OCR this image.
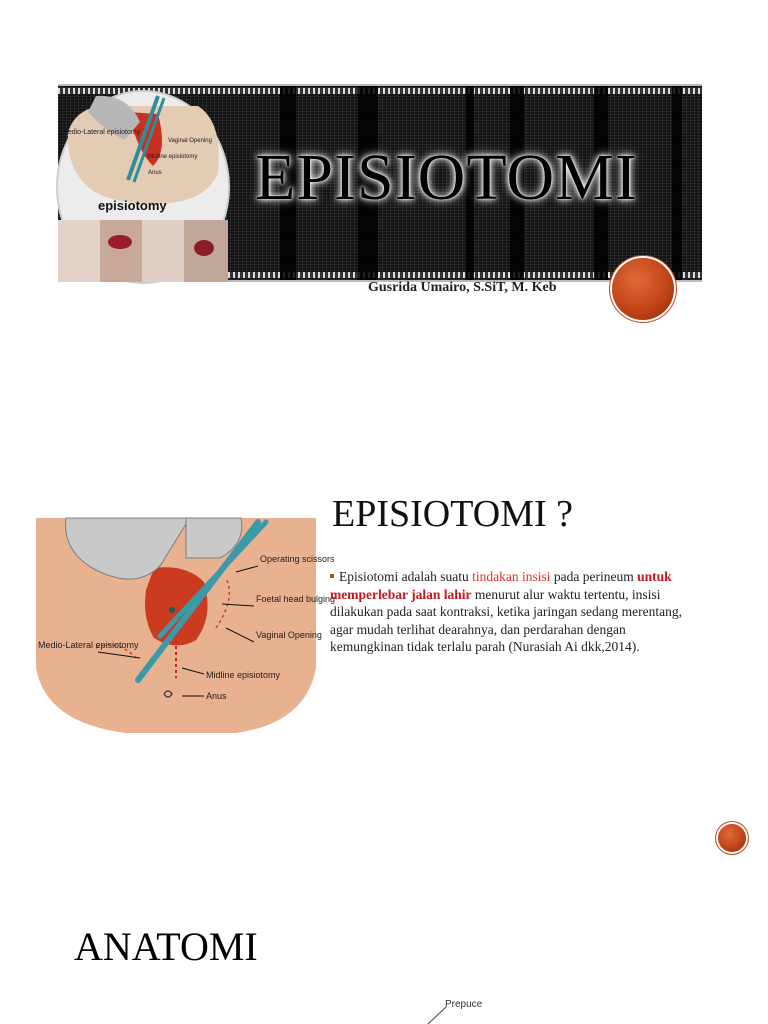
Medio-Lateral episiotomy
Vaginal Opening
Midline episiotomy
Anus
episiotomy EPISIOTOMI
Gusrida Umairo, S.SiT, M. Keb
Operating scissors
Foetal head bulging
Vaginal Opening
Medio-Lateral episiotomy
Midline episiotomy
Anus
EPISIOTOMI ?
Episiotomi adalah suatu tindakan insisi pada perineum untuk memperlebar jalan lahir menurut alur waktu tertentu, insisi dilakukan pada saat kontraksi, ketika jaringan sedang merentang, agar mudah terlihat dearahnya, dan perdarahan dengan kemungkinan tidak terlalu parah (Nurasiah Ai dkk,2014).
ANATOMI
Prepuce
